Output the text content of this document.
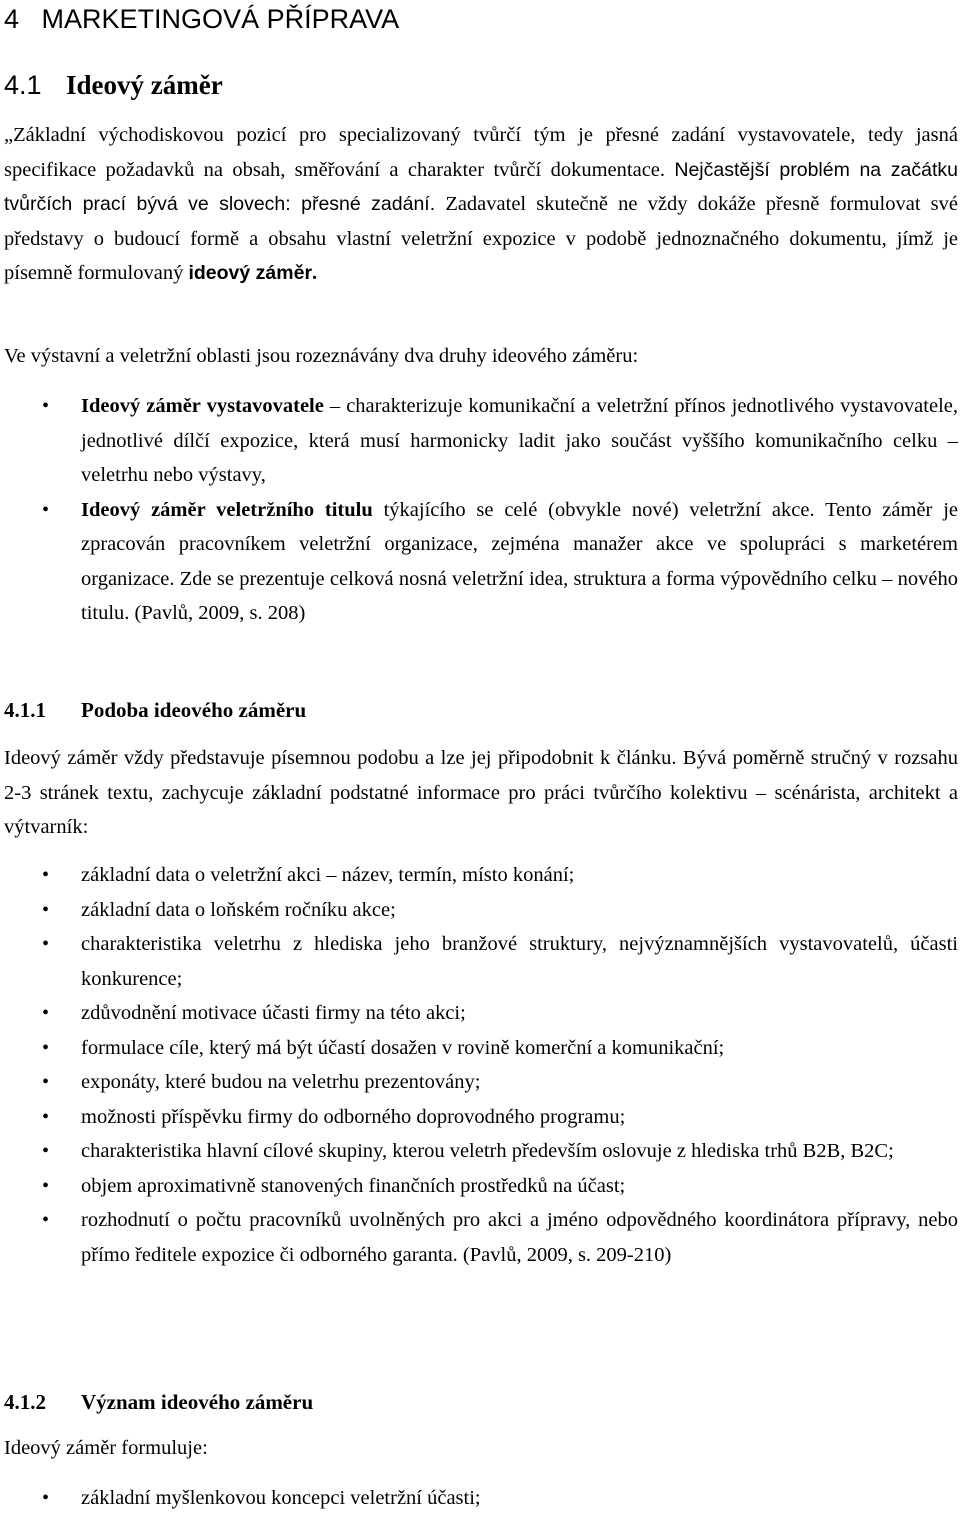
4 MARKETINGOVÁ PŘÍPRAVA
4.1 Ideový záměr
„Základní východiskovou pozicí pro specializovaný tvůrčí tým je přesné zadání vystavovatele, tedy jasná specifikace požadavků na obsah, směřování a charakter tvůrčí dokumentace. Nejčastější problém na začátku tvůrčích prací bývá ve slovech: přesné zadání. Zadavatel skutečně ne vždy dokáže přesně formulovat své představy o budoucí formě a obsahu vlastní veletržní expozice v podobě jednoznačného dokumentu, jímž je písemně formulovaný ideový záměr.
Ve výstavní a veletržní oblasti jsou rozeznávány dva druhy ideového záměru:
• Ideový záměr vystavovatele – charakterizuje komunikační a veletržní přínos jednotlivého vystavovatele, jednotlivé dílčí expozice, která musí harmonicky ladit jako součást vyššího komunikačního celku – veletrhu nebo výstavy,
• Ideový záměr veletržního titulu týkajícího se celé (obvykle nové) veletržní akce. Tento záměr je zpracován pracovníkem veletržní organizace, zejména manažer akce ve spolupráci s marketérem organizace. Zde se prezentuje celková nosná veletržní idea, struktura a forma výpovědního celku – nového titulu. (Pavlů, 2009, s. 208)
4.1.1 Podoba ideového záměru
Ideový záměr vždy představuje písemnou podobu a lze jej připodobnit k článku. Bývá poměrně stručný v rozsahu 2-3 stránek textu, zachycuje základní podstatné informace pro práci tvůrčího kolektivu – scénárista, architekt a výtvarník:
• základní data o veletržní akci – název, termín, místo konání;
• základní data o loňském ročníku akce;
• charakteristika veletrhu z hlediska jeho branžové struktury, nejvýznamnějších vystavovatelů, účasti konkurence;
• zdůvodnění motivace účasti firmy na této akci;
• formulace cíle, který má být účastí dosažen v rovině komerční a komunikační;
• exponáty, které budou na veletrhu prezentovány;
• možnosti příspěvku firmy do odborného doprovodného programu;
• charakteristika hlavní cílové skupiny, kterou veletrh především oslovuje z hlediska trhů B2B, B2C;
• objem aproximativně stanovených finančních prostředků na účast;
• rozhodnutí o počtu pracovníků uvolněných pro akci a jméno odpovědného koordinátora přípravy, nebo přímo ředitele expozice či odborného garanta. (Pavlů, 2009, s. 209-210)
4.1.2 Význam ideového záměru
Ideový záměr formuluje:
• základní myšlenkovou koncepci veletržní účasti;
